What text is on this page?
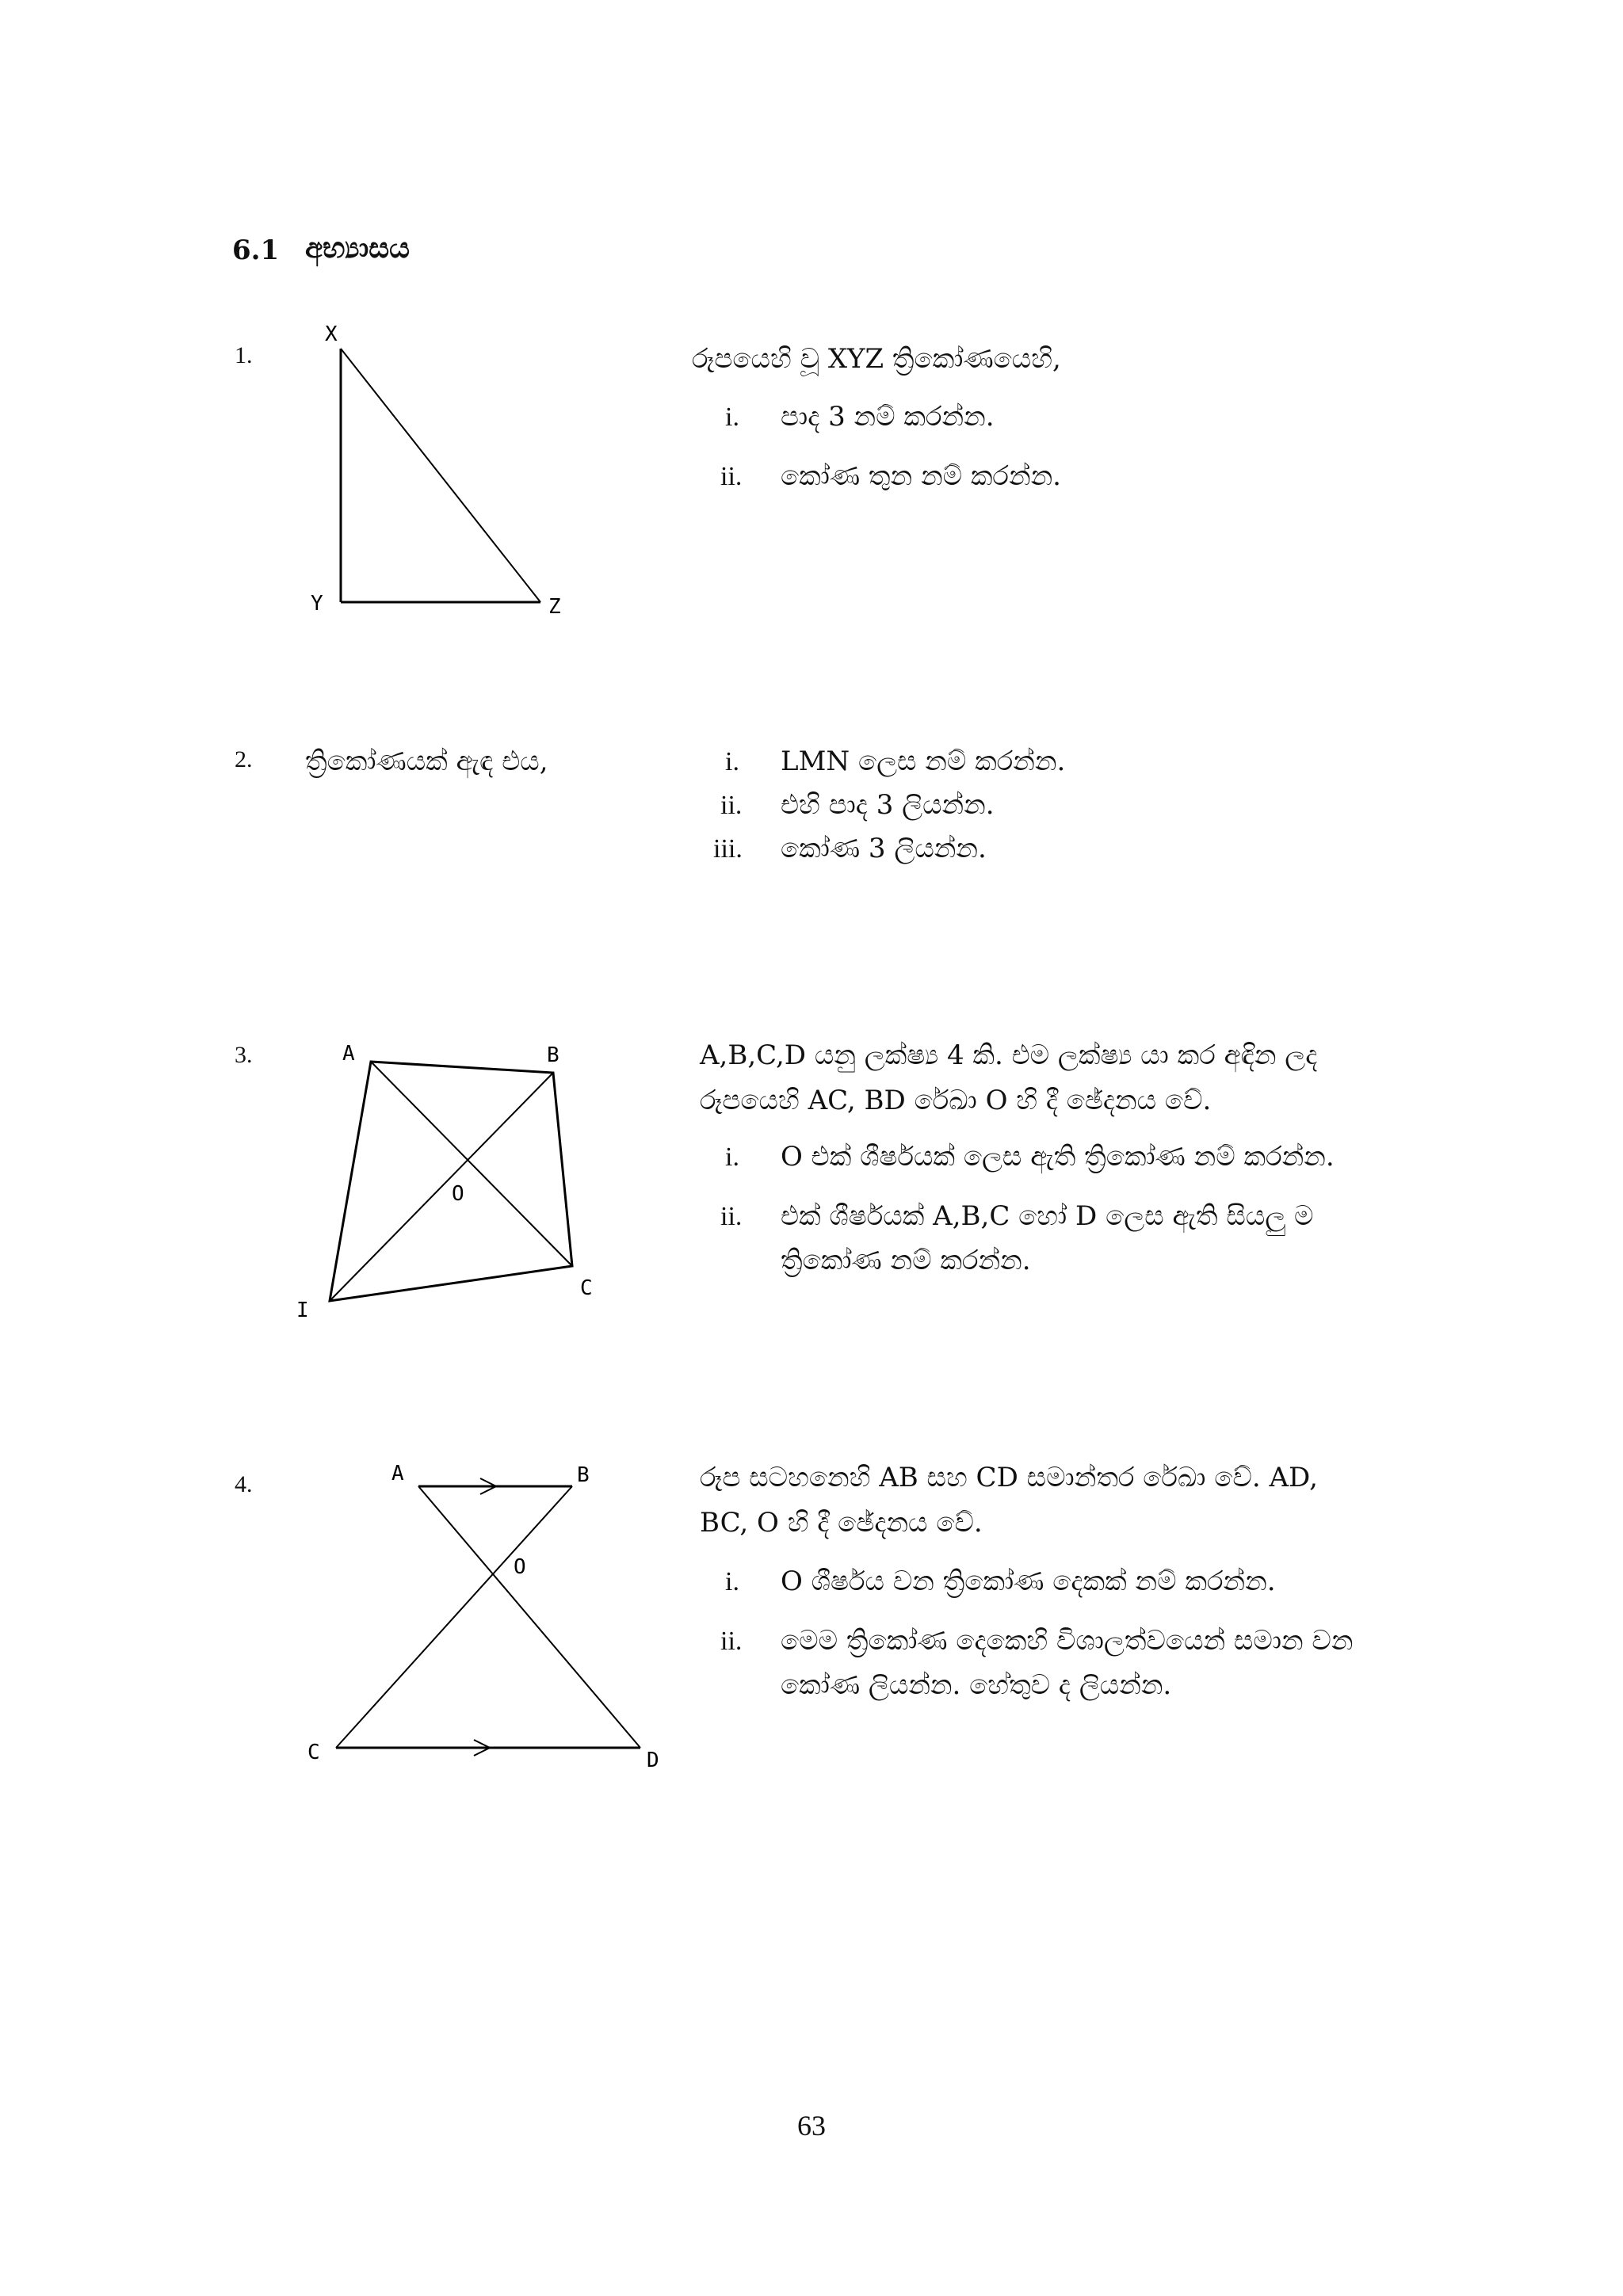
6.1 අභ්‍යාසය
1.
X
Y	Z
රූපයෙහි වූ XYZ ත්‍රිකෝණයෙහි,
i. පාද 3 නම් කරන්න.
ii. කෝණ තුන නම් කරන්න.
2. ත්‍රිකෝණයක් ඇඳ එය,	i. LMN ලෙස නම් කරන්න.
ii. එහි පාද 3 ලියන්න.
iii. කෝණ 3 ලියන්න.
3.	A	B
C
I
O
A,B,C,D යනු ලක්ෂ්‍ය 4 කි. එම ලක්ෂ්‍ය යා කර අඳින ලද
රූපයෙහි AC, BD රේඛා O හි දී ඡේදනය වේ.
i. O එක් ශීර්ෂයක් ලෙස ඇති ත්‍රිකෝණ නම් කරන්න.
ii. එක් ශීර්ෂයක් A,B,C හෝ D ලෙස ඇති සියලු ම
ත්‍රිකෝණ නම් කරන්න.
4.	A	B
C	D
O
රූප සටහනෙහි AB සහ CD සමාන්තර රේඛා වේ. AD,
BC, O හි දී ඡේදනය වේ.
i. O ශීර්ෂය වන ත්‍රිකෝණ දෙකක් නම් කරන්න.
ii. මෙම ත්‍රිකෝණ දෙකෙහි විශාලත්වයෙන් සමාන වන
කෝණ ලියන්න. හේතුව ද ලියන්න.
63
